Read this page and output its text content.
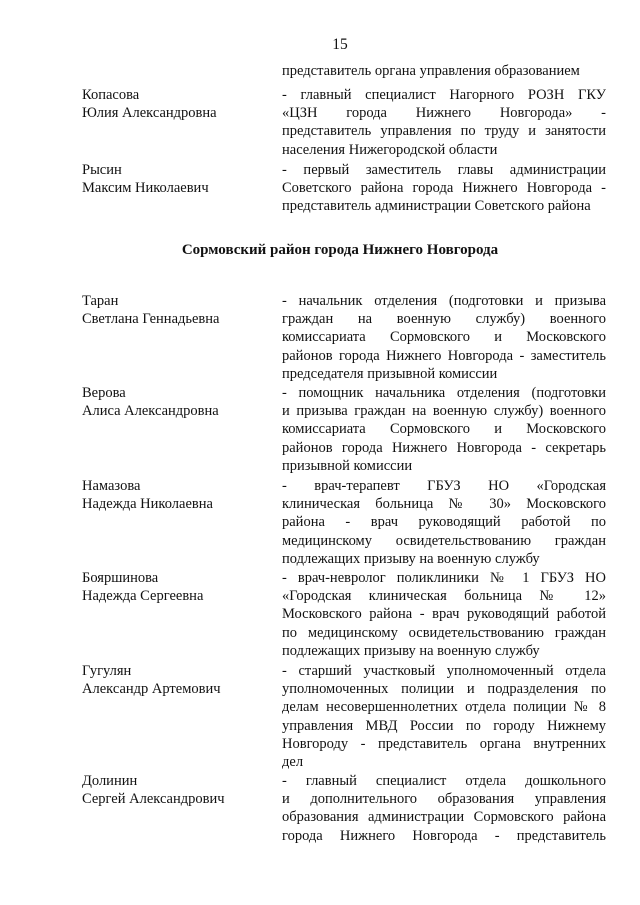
15
представитель органа управления образованием
Копасова
Юлия Александровна
- главный специалист Нагорного РОЗН ГКУ
«ЦЗН города Нижнего Новгорода» -
представитель управления по труду и занятости
населения Нижегородской области
Рысин
Максим Николаевич
- первый заместитель главы администрации
Советского района города Нижнего Новгорода -
представитель администрации Советского района
Сормовский район города Нижнего Новгорода
Таран
Светлана Геннадьевна
- начальник отделения (подготовки и призыва
граждан на военную службу) военного
комиссариата Сормовского и Московского
районов города Нижнего Новгорода - заместитель
председателя призывной комиссии
Верова
Алиса Александровна
- помощник начальника отделения (подготовки
и призыва граждан на военную службу) военного
комиссариата Сормовского и Московского
районов города Нижнего Новгорода - секретарь
призывной комиссии
Намазова
Надежда Николаевна
- врач-терапевт ГБУЗ НО «Городская
клиническая больница № 30» Московского
района - врач руководящий работой по
медицинскому освидетельствованию граждан
подлежащих призыву на военную службу
Бояршинова
Надежда Сергеевна
- врач-невролог поликлиники № 1 ГБУЗ НО
«Городская клиническая больница № 12»
Московского района - врач руководящий работой
по медицинскому освидетельствованию граждан
подлежащих призыву на военную службу
Гугулян
Александр Артемович
- старший участковый уполномоченный отдела
уполномоченных полиции и подразделения по
делам несовершеннолетних отдела полиции № 8
управления МВД России по городу Нижнему
Новгороду - представитель органа внутренних
дел
Долинин
Сергей Александрович
- главный специалист отдела дошкольного
и дополнительного образования управления
образования администрации Сормовского района
города Нижнего Новгорода - представитель
